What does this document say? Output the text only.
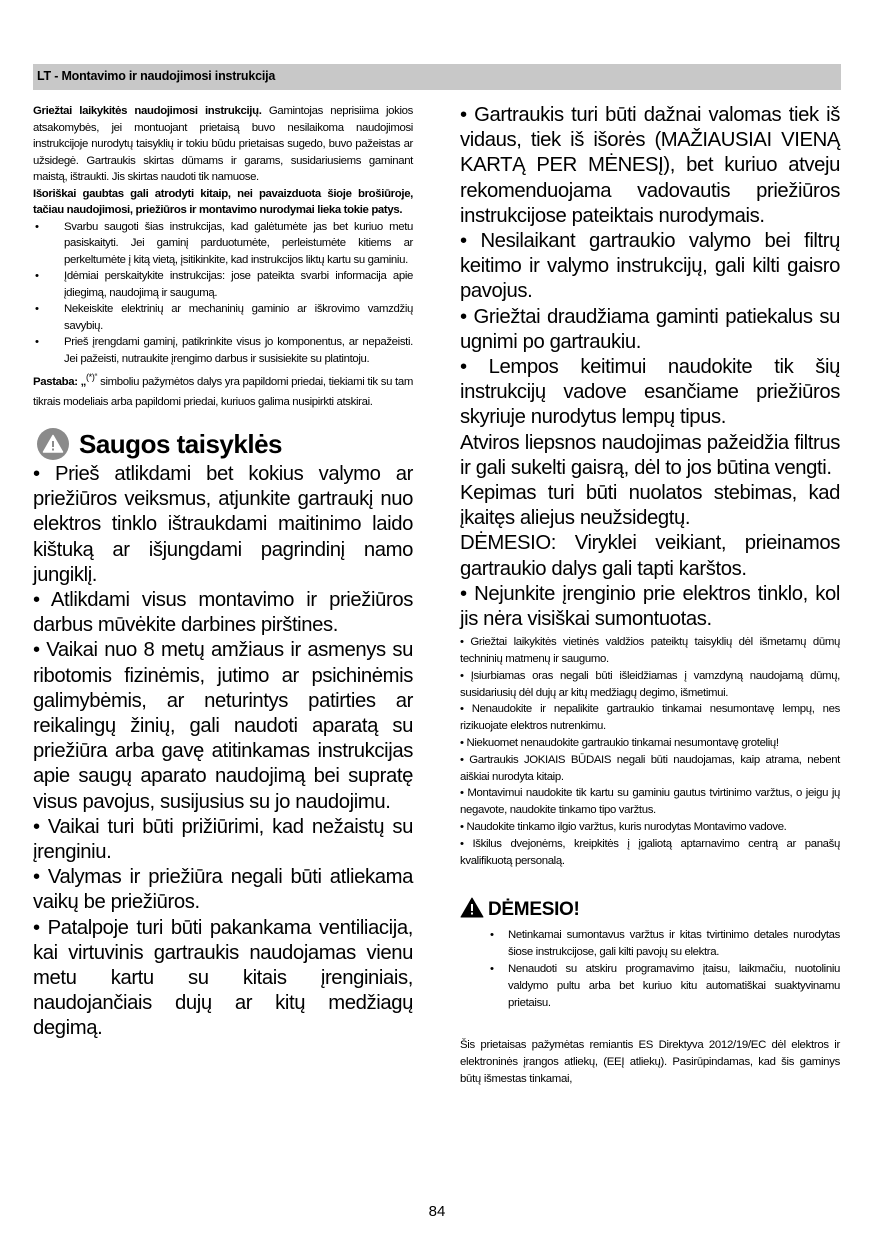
LT - Montavimo ir naudojimosi instrukcija

Griežtai laikykitės naudojimosi instrukcijų. Gamintojas neprisiima jokios atsakomybės, jei montuojant prietaisą buvo nesilaikoma naudojimosi instrukcijoje nurodytų taisyklių ir tokiu būdu prietaisas sugedo, buvo pažeistas ar užsidegė. Gartraukis skirtas dūmams ir garams, susidariusiems gaminant maistą, ištraukti. Jis skirtas naudoti tik namuose.

Išoriškai gaubtas gali atrodyti kitaip, nei pavaizduota šioje brošiūroje, tačiau naudojimosi, priežiūros ir montavimo nurodymai lieka tokie patys.

• Svarbu saugoti šias instrukcijas, kad galėtumėte jas bet kuriuo metu pasiskaityti. Jei gaminį parduotumėte, perleistumėte kitiems ar perkeltumėte į kitą vietą, įsitikinkite, kad instrukcijos liktų kartu su gaminiu.
• Įdėmiai perskaitykite instrukcijas: jose pateikta svarbi informacija apie įdiegimą, naudojimą ir saugumą.
• Nekeiskite elektrinių ar mechaninių gaminio ar iškrovimo vamzdžių savybių.
• Prieš įrengdami gaminį, patikrinkite visus jo komponentus, ar nepažeisti. Jei pažeisti, nutraukite įrengimo darbus ir susisiekite su platintoju.

Pastaba: „(*)“ simboliu pažymėtos dalys yra papildomi priedai, tiekiami tik su tam tikrais modeliais arba papildomi priedai, kuriuos galima nusipirkti atskirai.

Saugos taisyklės

• Prieš atlikdami bet kokius valymo ar priežiūros veiksmus, atjunkite gartraukį nuo elektros tinklo ištraukdami maitinimo laido kištuką ar išjungdami pagrindinį namo jungiklį.

• Atlikdami visus montavimo ir priežiūros darbus mūvėkite darbines pirštines.

• Vaikai nuo 8 metų amžiaus ir asmenys su ribotomis fizinėmis, jutimo ar psichinėmis galimybėmis, ar neturintys patirties ar reikalingų žinių, gali naudoti aparatą su priežiūra arba gavę atitinkamas instrukcijas apie saugų aparato naudojimą bei supratę visus pavojus, susijusius su jo naudojimu.

• Vaikai turi būti prižiūrimi, kad nežaistų su įrenginiu.

• Valymas ir priežiūra negali būti atliekama vaikų be priežiūros.

• Patalpoje turi būti pakankama ventiliacija, kai virtuvinis gartraukis naudojamas vienu metu kartu su kitais įrenginiais, naudojančiais dujų ar kitų medžiagų degimą.

• Gartraukis turi būti dažnai valomas tiek iš vidaus, tiek iš išorės (MAŽIAUSIAI VIENĄ KARTĄ PER MĖNESĮ), bet kuriuo atveju rekomenduojama vadovautis priežiūros instrukcijose pateiktais nurodymais.

• Nesilaikant gartraukio valymo bei filtrų keitimo ir valymo instrukcijų, gali kilti gaisro pavojus.

• Griežtai draudžiama gaminti patiekalus su ugnimi po gartraukiu.

• Lempos keitimui naudokite tik šių instrukcijų vadove esančiame priežiūros skyriuje nurodytus lempų tipus.

Atviros liepsnos naudojimas pažeidžia filtrus ir gali sukelti gaisrą, dėl to jos būtina vengti.

Kepimas turi būti nuolatos stebimas, kad įkaitęs aliejus neužsidegtų.

DĖMESIO: Viryklei veikiant, prieinamos gartraukio dalys gali tapti karštos.

• Nejunkite įrenginio prie elektros tinklo, kol jis nėra visiškai sumontuotas.

• Griežtai laikykitės vietinės valdžios pateiktų taisyklių dėl išmetamų dūmų techninių matmenų ir saugumo.

• Įsiurbiamas oras negali būti išleidžiamas į vamzdyną naudojamą dūmų, susidariusių dėl dujų ar kitų medžiagų degimo, išmetimui.

• Nenaudokite ir nepalikite gartraukio tinkamai nesumontavę lempų, nes rizikuojate elektros nutrenkimu.

• Niekuomet nenaudokite gartraukio tinkamai nesumontavę grotelių!

• Gartraukis JOKIAIS BŪDAIS negali būti naudojamas, kaip atrama, nebent aiškiai nurodyta kitaip.

• Montavimui naudokite tik kartu su gaminiu gautus tvirtinimo varžtus, o jeigu jų negavote, naudokite tinkamo tipo varžtus.

• Naudokite tinkamo ilgio varžtus, kuris nurodytas Montavimo vadove.

• Iškilus dvejonėms, kreipkitės į įgaliotą aptarnavimo centrą ar panašų kvalifikuotą personalą.

DĖMESIO!
• Netinkamai sumontavus varžtus ir kitas tvirtinimo detales nurodytas šiose instrukcijose, gali kilti pavojų su elektra.
• Nenaudoti su atskiru programavimo įtaisu, laikmačiu, nuotoliniu valdymo pultu arba bet kuriuo kitu automatiškai suaktyvinamu prietaisu.
Šis prietaisas pažymėtas remiantis ES Direktyva 2012/19/EC dėl elektros ir elektroninės įrangos atliekų, (EEĮ atliekų). Pasirūpindamas, kad šis gaminys būtų išmestas tinkamai,
84
